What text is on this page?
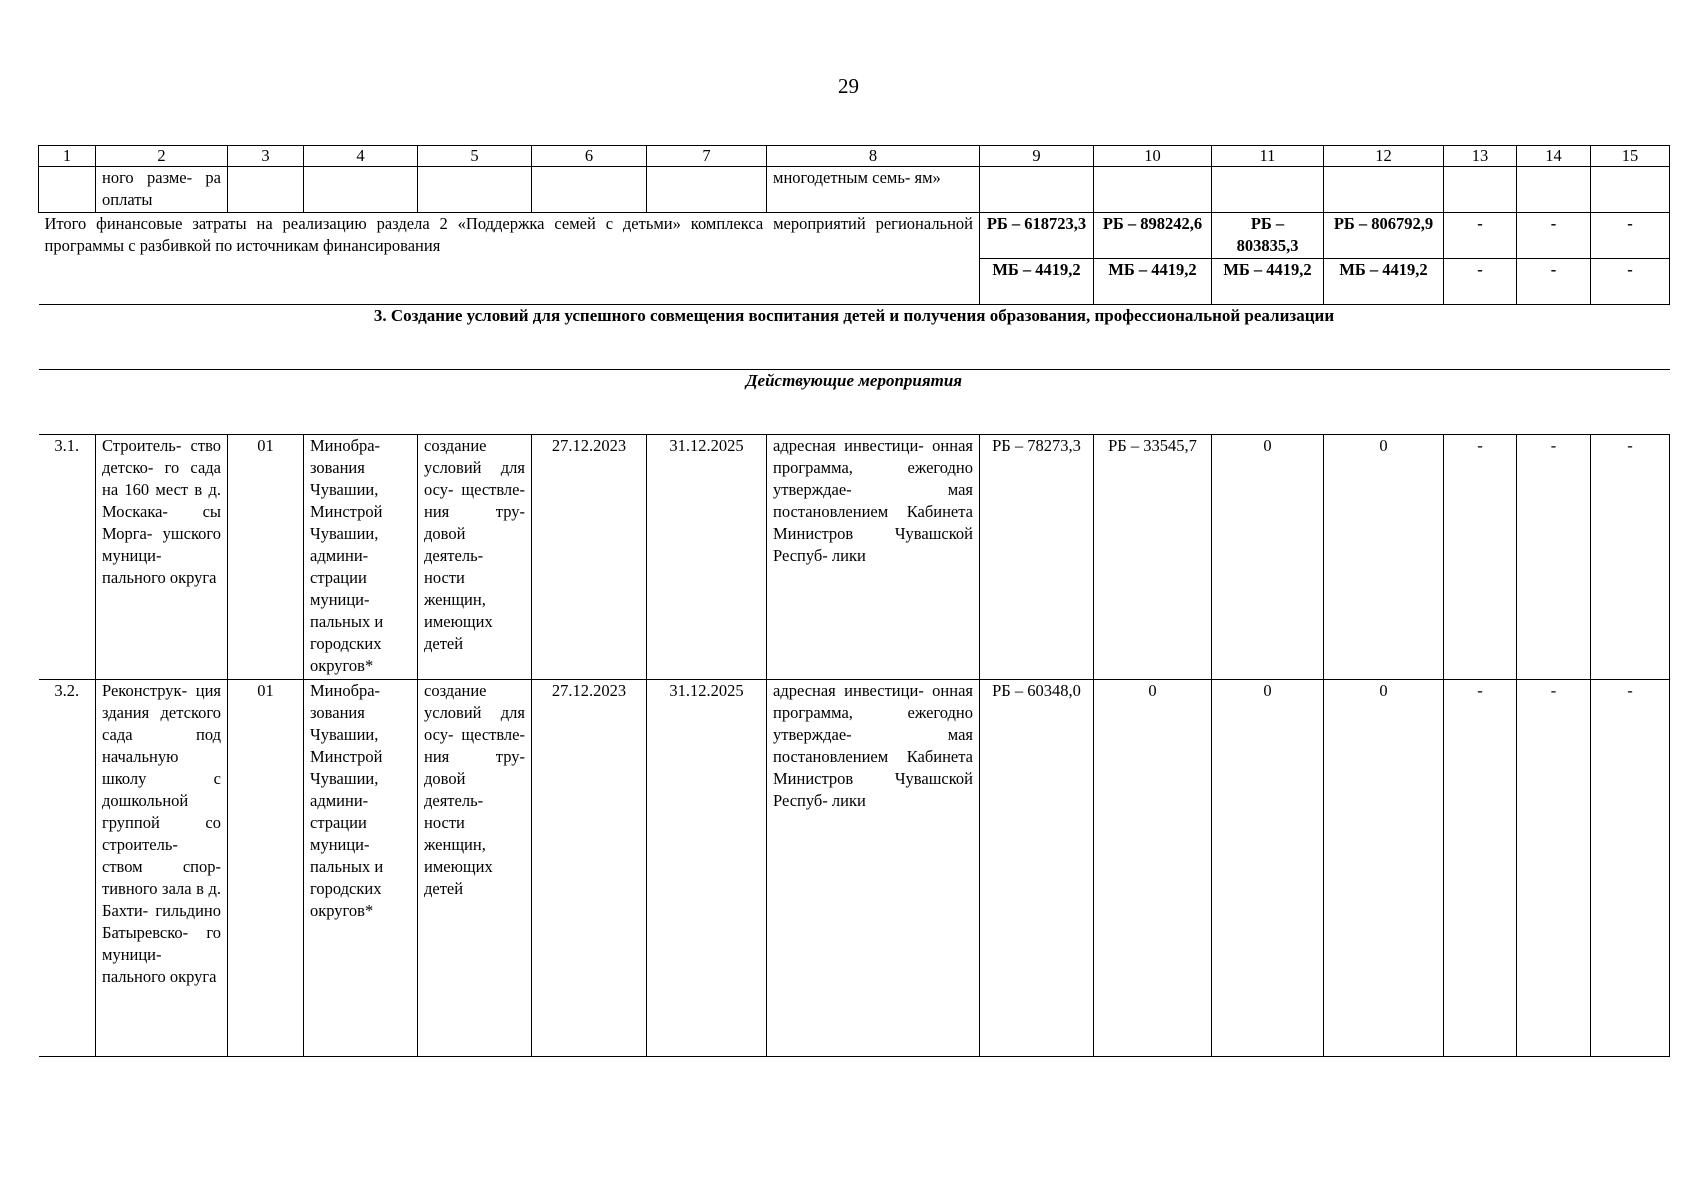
29
1	2	3	4	5	6	7	8	9	10	11	12	13	14	15
	ного разме- ра оплаты						многодетным семь- ям»							
Итого финансовые затраты на реализацию раздела 2 «Поддержка семей с детьми» комплекса мероприятий региональной программы с разбивкой по источникам финансирования								РБ – 618723,3	РБ – 898242,6	РБ – 803835,3	РБ – 806792,9	-	-	-
								МБ – 4419,2	МБ – 4419,2	МБ – 4419,2	МБ – 4419,2	-	-	-
3. Создание условий для успешного совмещения воспитания детей и получения образования, профессиональной реализации														
Действующие мероприятия														
3.1.	Строитель- ство детско- го сада на 160 мест в д. Москака- сы Морга- ушского муници- пального округа	01	Минобра- зования Чувашии, Минстрой Чувашии, админи- страции муници- пальных и городских округов*	создание условий для осу- ществле- ния тру- довой деятель- ности женщин, имеющих детей	27.12.2023	31.12.2025	адресная инвестици- онная программа, ежегодно утверждае- мая постановлением Кабинета Министров Чувашской Респуб- лики	РБ – 78273,3	РБ – 33545,7	0	0	-	-	-
3.2.	Реконструк- ция здания детского сада под начальную школу с дошкольной группой со строитель- ством спор- тивного зала в д. Бахти- гильдино Батыревско- го муници- пального округа	01	Минобра- зования Чувашии, Минстрой Чувашии, админи- страции муници- пальных и городских округов*	создание условий для осу- ществле- ния тру- довой деятель- ности женщин, имеющих детей	27.12.2023	31.12.2025	адресная инвестици- онная программа, ежегодно утверждае- мая постановлением Кабинета Министров Чувашской Респуб- лики	РБ – 60348,0	0	0	0	-	-	-
